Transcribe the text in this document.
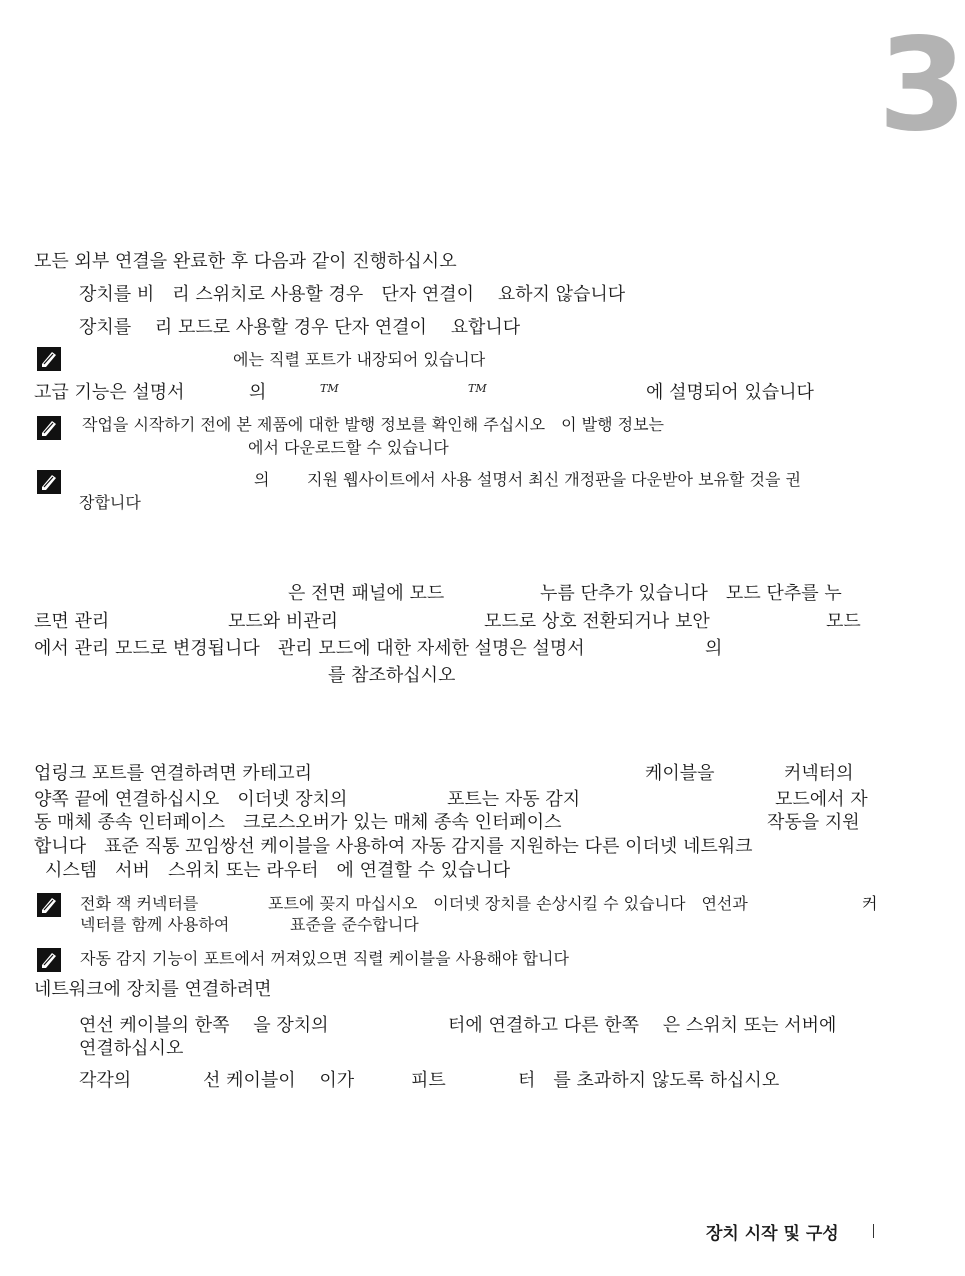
3
모든 외부 연결을 완료한 후 다음과 같이 진행하십시오
장치를 비　리 스위치로 사용할 경우　단자 연결이　 요하지 않습니다
장치를　 리 모드로 사용할 경우 단자 연결이　 요합니다
에는 직렬 포트가 내장되어 있습니다
고급 기능은 설명서	의	TM	TM	에 설명되어 있습니다
작업을 시작하기 전에 본 제품에 대한 발행 정보를 확인해 주십시오　이 발행 정보는
에서 다운로드할 수 있습니다
의 지원 웹사이트에서 사용 설명서 최신 개정판을 다운받아 보유할 것을 권
장합니다
은 전면 패널에 모드	누름 단추가 있습니다　모드 단추를 누
르면 관리	모드와 비관리	모드로 상호 전환되거나 보안	모드
에서 관리 모드로 변경됩니다　관리 모드에 대한 자세한 설명은 설명서	의
를 참조하십시오
업링크 포트를 연결하려면 카테고리	케이블을	커넥터의
양쪽 끝에 연결하십시오　이더넷 장치의	포트는 자동 감지	모드에서 자
동 매체 종속 인터페이스　크로스오버가 있는 매체 종속 인터페이스	작동을 지원
합니다　표준 직통 꼬임쌍선 케이블을 사용하여 자동 감지를 지원하는 다른 이더넷 네트워크
시스템　서버　스위치 또는 라우터　에 연결할 수 있습니다
전화 잭 커넥터를	포트에 꽂지 마십시오　이더넷 장치를 손상시킬 수 있습니다　연선과	커
넥터를 함께 사용하여	표준을 준수합니다
자동 감지 기능이 포트에서 꺼져있으면 직렬 케이블을 사용해야 합니다
네트워크에 장치를 연결하려면
연선 케이블의 한쪽　 을 장치의	터에 연결하고 다른 한쪽　 은 스위치 또는 서버에
연결하십시오
각각의	선 케이블이　 이가	피트	터　를 초과하지 않도록 하십시오
장치 시작 및 구성
